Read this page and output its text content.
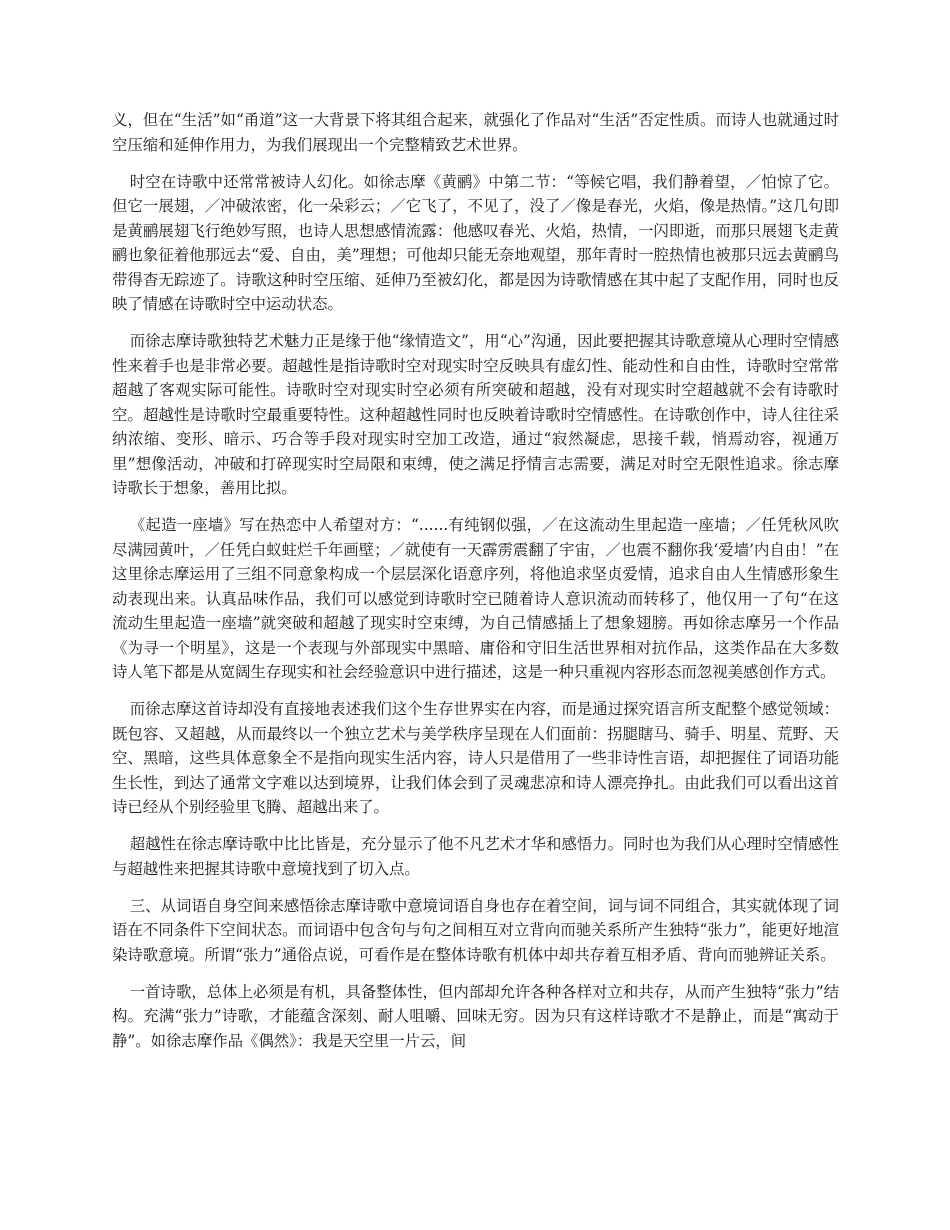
义，但在“生活”如“甬道”这一大背景下将其组合起来，就强化了作品对“生活”否定性质。而诗人也就通过时空压缩和延伸作用力，为我们展现出一个完整精致艺术世界。

时空在诗歌中还常常被诗人幻化。如徐志摩《黄鹂》中第二节：“等候它唱，我们静着望，／怕惊了它。但它一展翅，／冲破浓密，化一朵彩云；／它飞了，不见了，没了／像是春光，火焰，像是热情。”这几句即是黄鹂展翅飞行绝妙写照，也诗人思想感情流露：他感叹春光、火焰，热情，一闪即逝，而那只展翅飞走黄鹂也象征着他那远去“爱、自由，美”理想；可他却只能无奈地观望，那年青时一腔热情也被那只远去黄鹂鸟带得杳无踪迹了。诗歌这种时空压缩、延伸乃至被幻化，都是因为诗歌情感在其中起了支配作用，同时也反映了情感在诗歌时空中运动状态。

而徐志摩诗歌独特艺术魅力正是缘于他“缘情造文”，用“心”沟通，因此要把握其诗歌意境从心理时空情感性来着手也是非常必要。超越性是指诗歌时空对现实时空反映具有虚幻性、能动性和自由性，诗歌时空常常超越了客观实际可能性。诗歌时空对现实时空必须有所突破和超越，没有对现实时空超越就不会有诗歌时空。超越性是诗歌时空最重要特性。这种超越性同时也反映着诗歌时空情感性。在诗歌创作中，诗人往往采纳浓缩、变形、暗示、巧合等手段对现实时空加工改造，通过“寂然凝虑，思接千载，悄焉动容，视通万里”想像活动，冲破和打碎现实时空局限和束缚，使之满足抒情言志需要，满足对时空无限性追求。徐志摩诗歌长于想象，善用比拟。

《起造一座墙》写在热恋中人希望对方：“......有纯钢似强，／在这流动生里起造一座墙；／任凭秋风吹尽满园黄叶，／任凭白蚁蛀烂千年画壁；／就使有一天霹雳震翻了宇宙，／也震不翻你我‘爱墙’内自由！”在这里徐志摩运用了三组不同意象构成一个层层深化语意序列，将他追求坚贞爱情，追求自由人生情感形象生动表现出来。认真品味作品，我们可以感觉到诗歌时空已随着诗人意识流动而转移了，他仅用一了句“在这流动生里起造一座墙”就突破和超越了现实时空束缚，为自己情感插上了想象翅膀。再如徐志摩另一个作品《为寻一个明星》，这是一个表现与外部现实中黑暗、庸俗和守旧生活世界相对抗作品，这类作品在大多数诗人笔下都是从宽阔生存现实和社会经验意识中进行描述，这是一种只重视内容形态而忽视美感创作方式。

而徐志摩这首诗却没有直接地表述我们这个生存世界实在内容，而是通过探究语言所支配整个感觉领域：既包容、又超越，从而最终以一个独立艺术与美学秩序呈现在人们面前：拐腿瞎马、骑手、明星、荒野、天空、黑暗，这些具体意象全不是指向现实生活内容，诗人只是借用了一些非诗性言语，却把握住了词语功能生长性，到达了通常文字难以达到境界，让我们体会到了灵魂悲凉和诗人漂亮挣扎。由此我们可以看出这首诗已经从个别经验里飞腾、超越出来了。

超越性在徐志摩诗歌中比比皆是，充分显示了他不凡艺术才华和感悟力。同时也为我们从心理时空情感性与超越性来把握其诗歌中意境找到了切入点。

三、从词语自身空间来感悟徐志摩诗歌中意境词语自身也存在着空间，词与词不同组合，其实就体现了词语在不同条件下空间状态。而词语中包含句与句之间相互对立背向而驰关系所产生独特“张力”，能更好地渲染诗歌意境。所谓“张力”通俗点说，可看作是在整体诗歌有机体中却共存着互相矛盾、背向而驰辨证关系。

一首诗歌，总体上必须是有机，具备整体性，但内部却允许各种各样对立和共存，从而产生独特“张力”结构。充满“张力”诗歌，才能蕴含深刻、耐人咀嚼、回味无穷。因为只有这样诗歌才不是静止，而是“寓动于静”。如徐志摩作品《偶然》：我是天空里一片云，间
